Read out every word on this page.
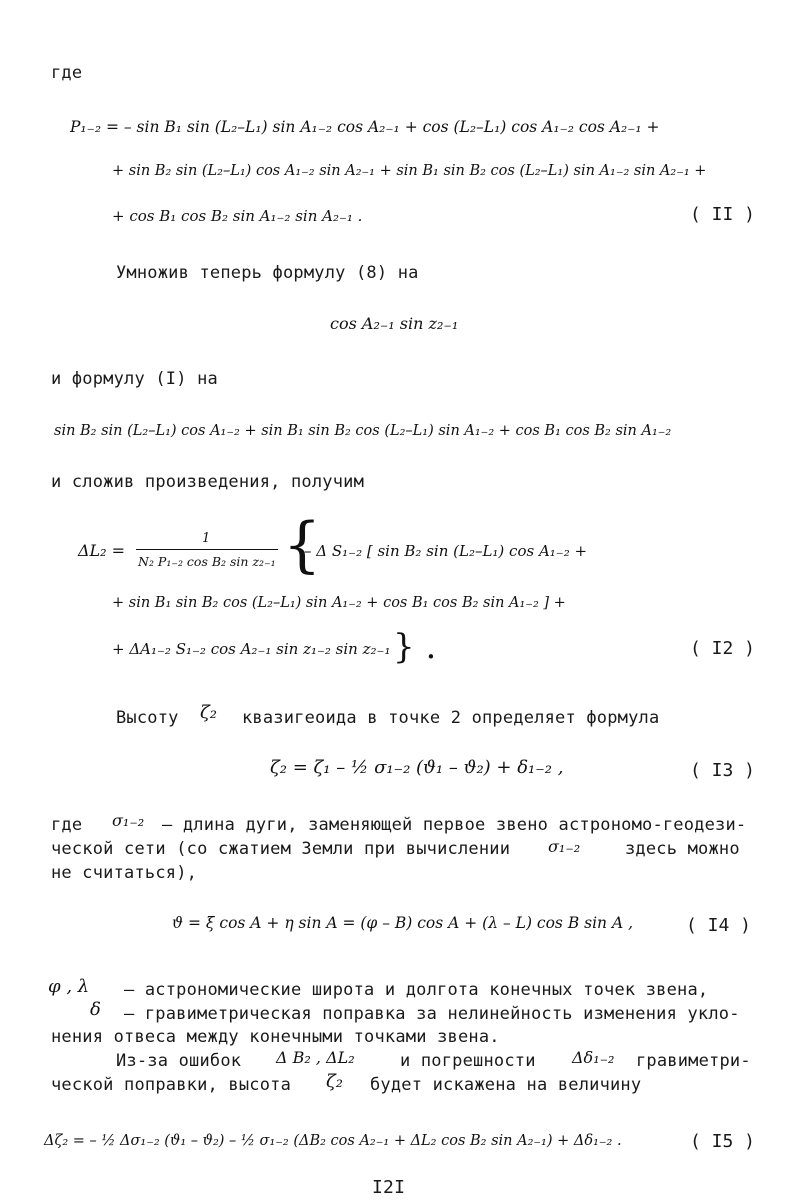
где
P₁₋₂ = – sin B₁ sin (L₂–L₁) sin A₁₋₂ cos A₂₋₁ + cos (L₂–L₁) cos A₁₋₂ cos A₂₋₁ +
+ sin B₂ sin (L₂–L₁) cos A₁₋₂ sin A₂₋₁ + sin B₁ sin B₂ cos (L₂–L₁) sin A₁₋₂ sin A₂₋₁ +
+ cos B₁ cos B₂ sin A₁₋₂ sin A₂₋₁ .	( II )
Умножив теперь формулу (8) на
cos A₂₋₁ sin z₂₋₁
и формулу (I) на
sin B₂ sin (L₂–L₁) cos A₁₋₂ + sin B₁ sin B₂ cos (L₂–L₁) sin A₁₋₂ + cos B₁ cos B₂ sin A₁₋₂
и сложив произведения, получим
ΔL₂ =
1
N₂ P₁₋₂ cos B₂ sin z₂₋₁ {
– Δ S₁₋₂ [ sin B₂ sin (L₂–L₁) cos A₁₋₂ +
+ sin B₁ sin B₂ cos (L₂–L₁) sin A₁₋₂ + cos B₁ cos B₂ sin A₁₋₂ ] +
+ ΔA₁₋₂ S₁₋₂ cos A₂₋₁ sin z₁₋₂ sin z₂₋₁ } .	( I2 )
Высоту ζ₂ квазигеоида в точке 2 определяет формула
ζ₂ = ζ₁ – ½ σ₁₋₂ (ϑ₁ – ϑ₂) + δ₁₋₂ ,	( I3 )
где σ₁₋₂ – длина дуги, заменяющей первое звено астрономо-геодези-
ческой сети (со сжатием Земли при вычислении σ₁₋₂	здесь можно
не считаться),
ϑ = ξ cos A + η sin A = (φ – B) cos A + (λ – L) cos B sin A ,	( I4 )
φ , λ – астрономические широта и долгота конечных точек звена,
δ – гравиметрическая поправка за нелинейность изменения укло-
нения отвеса между конечными точками звена.
Из-за ошибок Δ B₂ , ΔL₂	и погрешности Δδ₁₋₂ гравиметри-
ческой поправки, высота ζ₂ будет искажена на величину
Δζ₂ = – ½ Δσ₁₋₂ (ϑ₁ – ϑ₂) – ½ σ₁₋₂ (ΔB₂ cos A₂₋₁ + ΔL₂ cos B₂ sin A₂₋₁) + Δδ₁₋₂ .	( I5 )
I2I
